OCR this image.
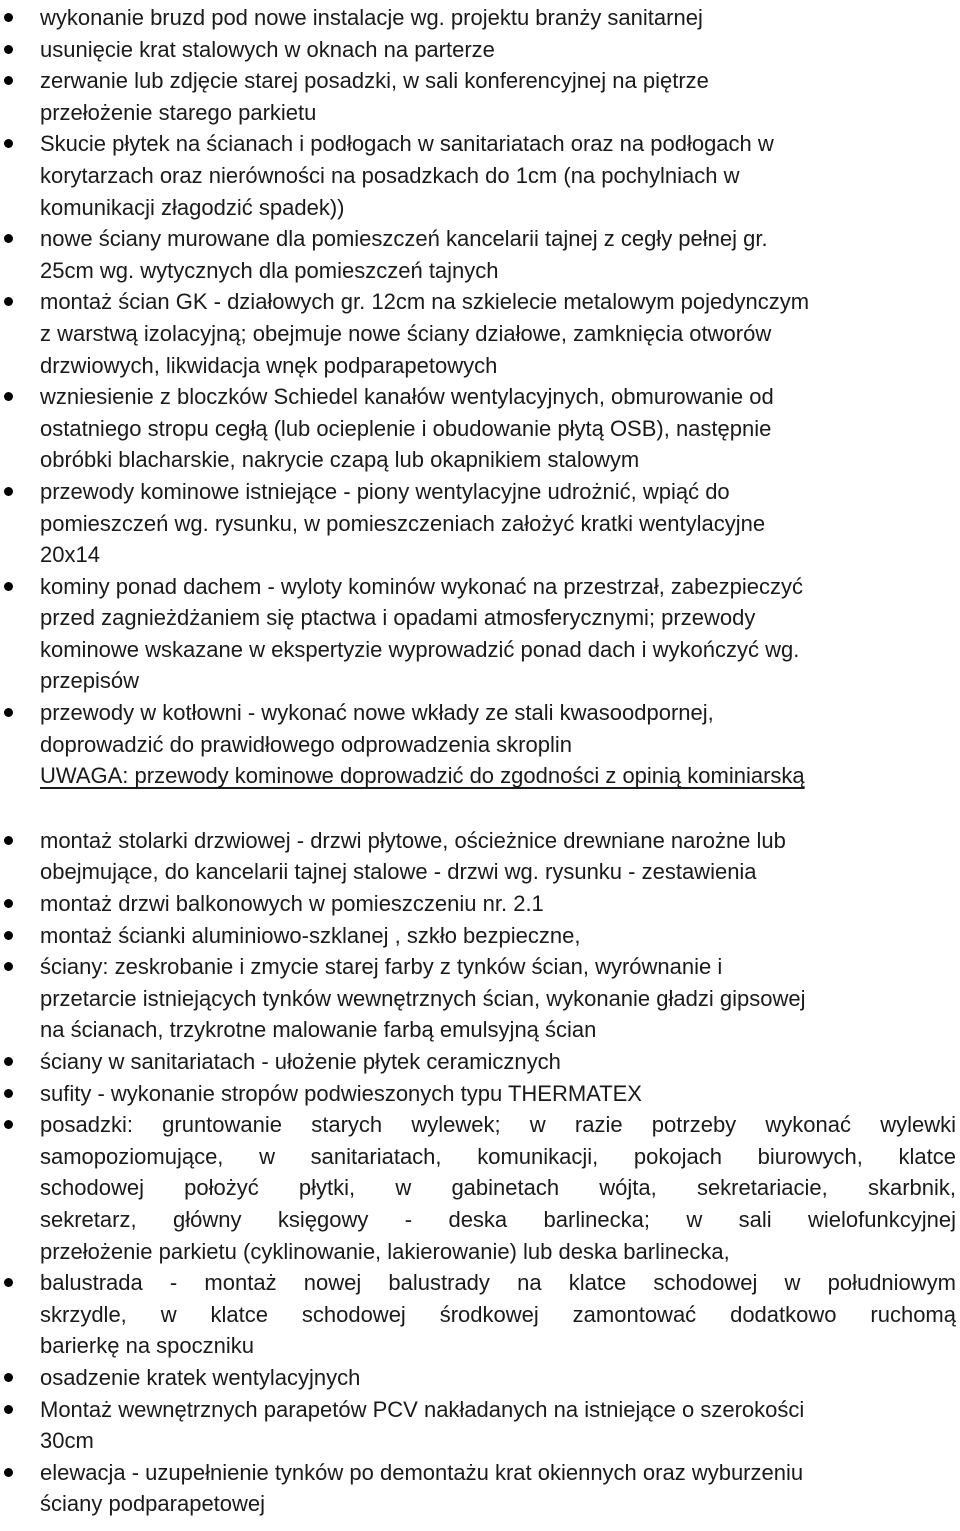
wykonanie bruzd pod nowe instalacje wg. projektu branży sanitarnej
usunięcie krat stalowych w oknach na parterze
zerwanie lub zdjęcie starej posadzki, w sali konferencyjnej na piętrze
przełożenie starego parkietu
Skucie płytek na ścianach i podłogach w sanitariatach oraz na podłogach w
korytarzach oraz nierówności na posadzkach do 1cm (na pochylniach w
komunikacji złagodzić spadek))
nowe ściany murowane dla pomieszczeń kancelarii tajnej z cegły pełnej gr.
25cm wg. wytycznych dla pomieszczeń tajnych
montaż ścian GK - działowych gr. 12cm na szkielecie metalowym pojedynczym
z warstwą izolacyjną; obejmuje nowe ściany działowe, zamknięcia otworów
drzwiowych, likwidacja wnęk podparapetowych
wzniesienie z bloczków Schiedel kanałów wentylacyjnych, obmurowanie od
ostatniego stropu cegłą (lub ocieplenie i obudowanie płytą OSB), następnie
obróbki blacharskie, nakrycie czapą lub okapnikiem stalowym
przewody kominowe istniejące - piony wentylacyjne udrożnić, wpiąć do
pomieszczeń wg. rysunku, w pomieszczeniach założyć kratki wentylacyjne
20x14
kominy ponad dachem - wyloty kominów wykonać na przestrzał, zabezpieczyć
przed zagnieżdżaniem się ptactwa i opadami atmosferycznymi; przewody
kominowe wskazane w ekspertyzie wyprowadzić ponad dach i wykończyć wg.
przepisów
przewody w kotłowni - wykonać nowe wkłady ze stali kwasoodpornej,
doprowadzić do prawidłowego odprowadzenia skroplin
UWAGA: przewody kominowe doprowadzić do zgodności z opinią kominiarską
montaż stolarki drzwiowej - drzwi płytowe, ościeżnice drewniane narożne lub
obejmujące, do kancelarii tajnej stalowe - drzwi wg. rysunku - zestawienia
montaż drzwi balkonowych w pomieszczeniu nr. 2.1
montaż ścianki aluminiowo-szklanej , szkło bezpieczne,
ściany: zeskrobanie i zmycie starej farby z tynków ścian, wyrównanie i
przetarcie istniejących tynków wewnętrznych ścian, wykonanie gładzi gipsowej
na ścianach, trzykrotne malowanie farbą emulsyjną ścian
ściany w sanitariatach - ułożenie płytek ceramicznych
sufity - wykonanie stropów podwieszonych typu THERMATEX
posadzki: gruntowanie starych wylewek; w razie potrzeby wykonać wylewki
samopoziomujące, w sanitariatach, komunikacji, pokojach biurowych, klatce
schodowej położyć płytki, w gabinetach wójta, sekretariacie, skarbnik,
sekretarz, główny księgowy - deska barlinecka; w sali wielofunkcyjnej
przełożenie parkietu (cyklinowanie, lakierowanie) lub deska barlinecka,
balustrada - montaż nowej balustrady na klatce schodowej w południowym
skrzydle, w klatce schodowej środkowej zamontować dodatkowo ruchomą
barierkę na spoczniku
osadzenie kratek wentylacyjnych
Montaż wewnętrznych parapetów PCV nakładanych na istniejące o szerokości
30cm
elewacja - uzupełnienie tynków po demontażu krat okiennych oraz wyburzeniu
ściany podparapetowej
